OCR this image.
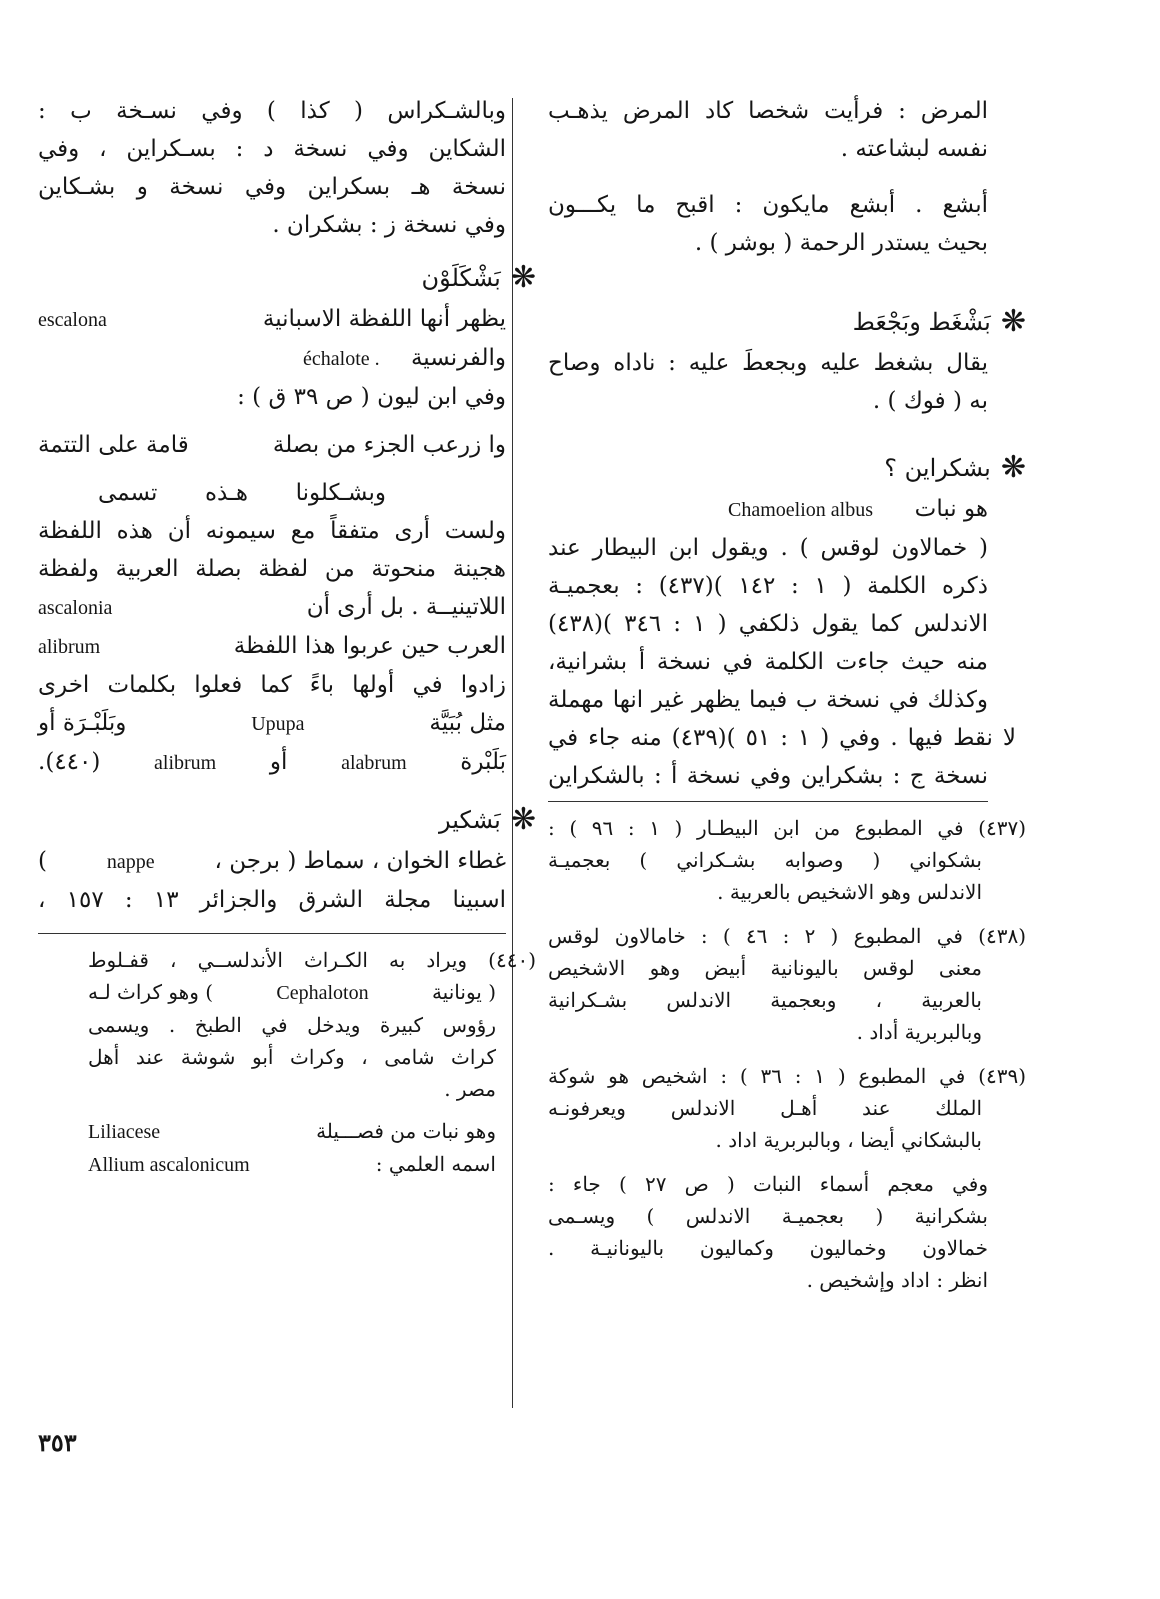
المرض : فرأيت شخصا كاد المرض يذهـب
نفسه لبشاعته .
أبشع . أبشع مايكون : اقبح ما يكـــون
بحيث يستدر الرحمة ( بوشر ) .
❋
بَشْغَط وبَجْعَط
يقال بشغط عليه وبجعطَ عليه : ناداه وصاح
به ( فوك ) .
❋
بشكراين ؟
هو نبات
Chamoelion albus
( خمالاون لوقس ) . ويقول ابن البيطار عند
ذكره الكلمة ( ١ : ١٤٢ )(٤٣٧) : بعجميـة
الاندلس كما يقول ذلكفي ( ١ : ٣٤٦ )(٤٣٨)
منه حيث جاءت الكلمة في نسخة أ بشرانية،
وكذلك في نسخة ب فيما يظهر غير انها مهملة
لا نقط فيها . وفي ( ١ : ٥١ )(٤٣٩) منه جاء في
نسخة ج : بشكراين وفي نسخة أ : بالشكراين
(٤٣٧) في المطبوع من ابن البيطـار ( ١ : ٩٦ ) :
بشكواني ( وصوابه بشـكراني ) بعجميـة
الاندلس وهو الاشخيص بالعربية .
(٤٣٨) في المطبوع ( ٢ : ٤٦ ) : خامالاون لوقس
معنى لوقس باليونانية أبيض وهو الاشخيص
بالعربية ، وبعجمية الاندلس بشـكرانية
وبالبربرية أداد .
(٤٣٩) في المطبوع ( ١ : ٣٦ ) : اشخيص هو شوكة
الملك عند أهـل الاندلس ويعرفونـه
بالبشكاني أيضا ، وبالبربرية اداد .
وفي معجم أسماء النبات ( ص ٢٧ ) جاء :
بشكرانية ( بعجميـة الاندلس ) ويسـمى
خمالاون وخماليون وكماليون باليونانيـة .
انظر : اداد وإشخيص .
وبالشـكراس ( كذا ) وفي نسـخة ب :
الشكاين وفي نسخة د : بسـكراين ، وفي
نسخة هـ بسكراين وفي نسخة و بشـكاين
وفي نسخة ز : بشكران .
❋
بَشْكَلَوْن
يظهر أنها اللفظة الاسبانية
escalona
والفرنسية échalote .
وفي ابن ليون ( ص ٣٩ ق ) :
وا زرعب الجزء من بصلة
قامة على التتمة
وبشـكلونا هـذه تسمى
ولست أرى متفقاً مع سيمونه أن هذه اللفظة
هجينة منحوتة من لفظة بصلة العربية ولفظة
اللاتينيــة . بل أرى أن
ascalonia
العرب حين عربوا هذا اللفظة
alibrum
زادوا في أولها باءً كما فعلوا بكلمات اخرى
مثل بُبَيَّة
Upupa
وبَلَبْـرَة أو
بَلَبْرة
alabrum
أو
alibrum
(٤٤٠).
❋
بَشكير
غطاء الخوان ، سماط ( برجن ،
nappe
)
اسبينا مجلة الشرق والجزائر ١٣ : ١٥٧ ،
(٤٤٠) ويراد به الكـراث الأندلســي ، قفـلوط
( يونانية
Cephaloton
) وهو كراث لـه
رؤوس كبيرة ويدخل في الطبخ . ويسمى
كراث شامى ، وكراث أبو شوشة عند أهل
مصر .
وهو نبات من فصـــيلة
Liliacese
اسمه العلمي :
Allium ascalonicum
٣٥٣
